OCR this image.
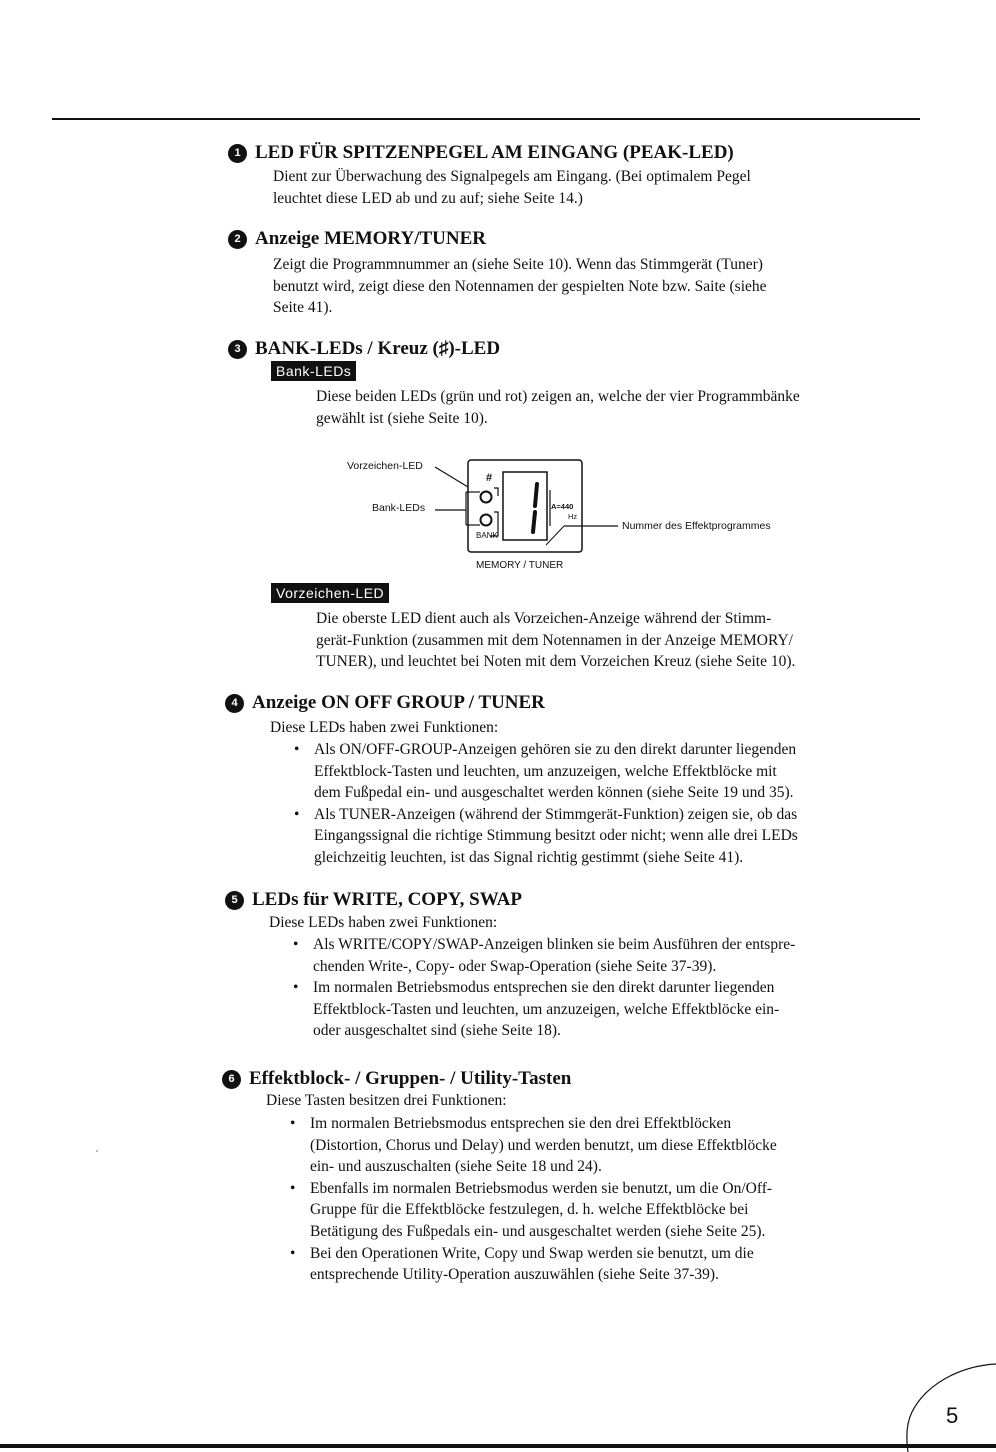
1 LED FÜR SPITZENPEGEL AM EINGANG (PEAK-LED)

Dient zur Überwachung des Signalpegels am Eingang. (Bei optimalem Pegel

leuchtet diese LED ab und zu auf; siehe Seite 14.)

2 Anzeige MEMORY/TUNER

Zeigt die Programmnummer an (siehe Seite 10). Wenn das Stimmgerät (Tuner)

benutzt wird, zeigt diese den Notennamen der gespielten Note bzw. Saite (siehe

Seite 41).

3 BANK-LEDs / Kreuz (♯)-LED
Bank-LEDs

Diese beiden LEDs (grün und rot) zeigen an, welche der vier Programmbänke

gewählt ist (siehe Seite 10).

Vorzeichen-LED
Bank-LEDs
#
BANK
A=440
Hz
Nummer des Effektprogrammes
MEMORY / TUNER
Vorzeichen-LED

Die oberste LED dient auch als Vorzeichen-Anzeige während der Stimm-

gerät-Funktion (zusammen mit dem Notennamen in der Anzeige MEMORY/

TUNER), und leuchtet bei Noten mit dem Vorzeichen Kreuz (siehe Seite 10).

4 Anzeige ON OFF GROUP / TUNER
Diese LEDs haben zwei Funktionen:
• Als ON/OFF-GROUP-Anzeigen gehören sie zu den direkt darunter liegenden
Effektblock-Tasten und leuchten, um anzuzeigen, welche Effektblöcke mit
dem Fußpedal ein- und ausgeschaltet werden können (siehe Seite 19 und 35).
• Als TUNER-Anzeigen (während der Stimmgerät-Funktion) zeigen sie, ob das
Eingangssignal die richtige Stimmung besitzt oder nicht; wenn alle drei LEDs
gleichzeitig leuchten, ist das Signal richtig gestimmt (siehe Seite 41).
5 LEDs für WRITE, COPY, SWAP
Diese LEDs haben zwei Funktionen:
• Als WRITE/COPY/SWAP-Anzeigen blinken sie beim Ausführen der entspre-
chenden Write-, Copy- oder Swap-Operation (siehe Seite 37-39).
• Im normalen Betriebsmodus entsprechen sie den direkt darunter liegenden
Effektblock-Tasten und leuchten, um anzuzeigen, welche Effektblöcke ein-
oder ausgeschaltet sind (siehe Seite 18).
6 Effektblock- / Gruppen- / Utility-Tasten
Diese Tasten besitzen drei Funktionen:
• Im normalen Betriebsmodus entsprechen sie den drei Effektblöcken
(Distortion, Chorus und Delay) und werden benutzt, um diese Effektblöcke
ein- und auszuschalten (siehe Seite 18 und 24).
• Ebenfalls im normalen Betriebsmodus werden sie benutzt, um die On/Off-
Gruppe für die Effektblöcke festzulegen, d. h. welche Effektblöcke bei
Betätigung des Fußpedals ein- und ausgeschaltet werden (siehe Seite 25).
• Bei den Operationen Write, Copy und Swap werden sie benutzt, um die
entsprechende Utility-Operation auszuwählen (siehe Seite 37-39).
5
